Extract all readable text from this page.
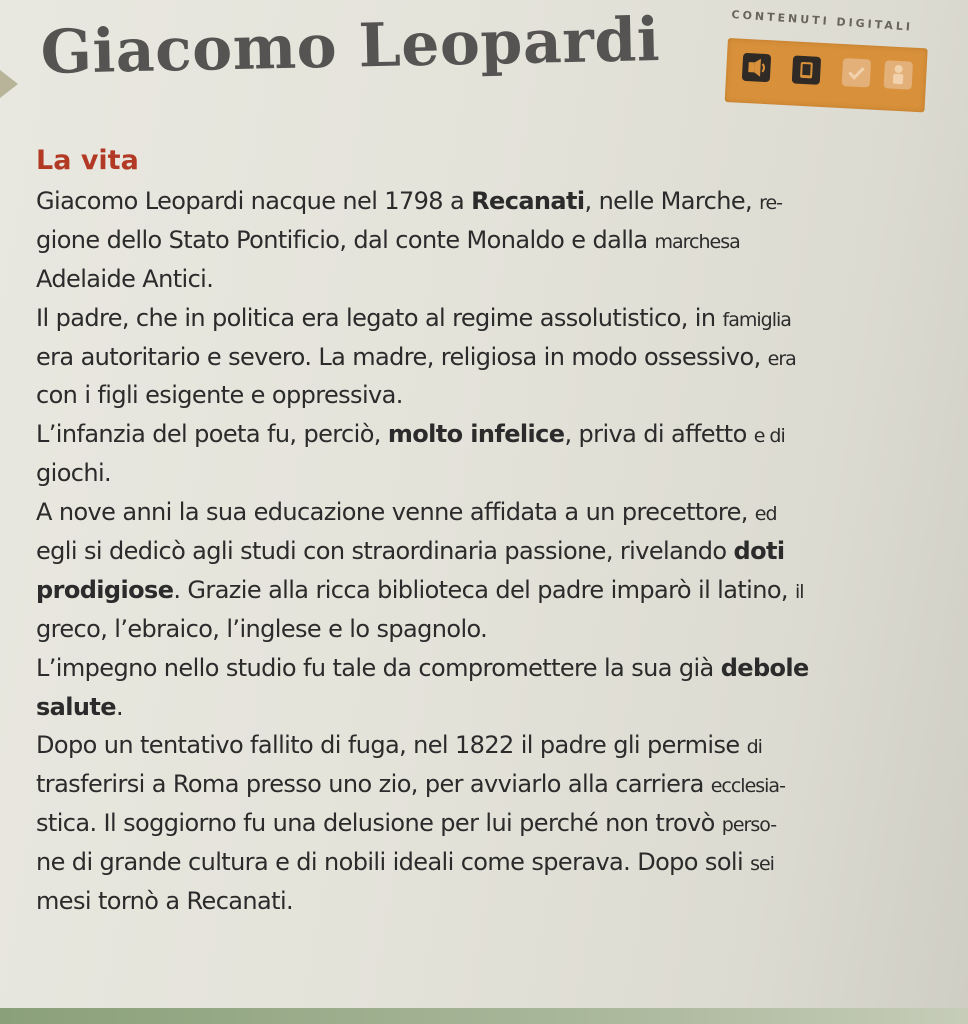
Giacomo Leopardi	CONTENUTI DIGITALI
La vita
Giacomo Leopardi nacque nel 1798 a Recanati, nelle Marche, re-
gione dello Stato Pontificio, dal conte Monaldo e dalla marchesa
Adelaide Antici.
Il padre, che in politica era legato al regime assolutistico, in famiglia
era autoritario e severo. La madre, religiosa in modo ossessivo, era
con i figli esigente e oppressiva.
L’infanzia del poeta fu, perciò, molto infelice, priva di affetto e di
giochi.
A nove anni la sua educazione venne affidata a un precettore, ed
egli si dedicò agli studi con straordinaria passione, rivelando doti
prodigiose. Grazie alla ricca biblioteca del padre imparò il latino, il
greco, l’ebraico, l’inglese e lo spagnolo.
L’impegno nello studio fu tale da compromettere la sua già debole
salute.
Dopo un tentativo fallito di fuga, nel 1822 il padre gli permise di
trasferirsi a Roma presso uno zio, per avviarlo alla carriera ecclesia-
stica. Il soggiorno fu una delusione per lui perché non trovò perso-
ne di grande cultura e di nobili ideali come sperava. Dopo soli sei
mesi tornò a Recanati.
